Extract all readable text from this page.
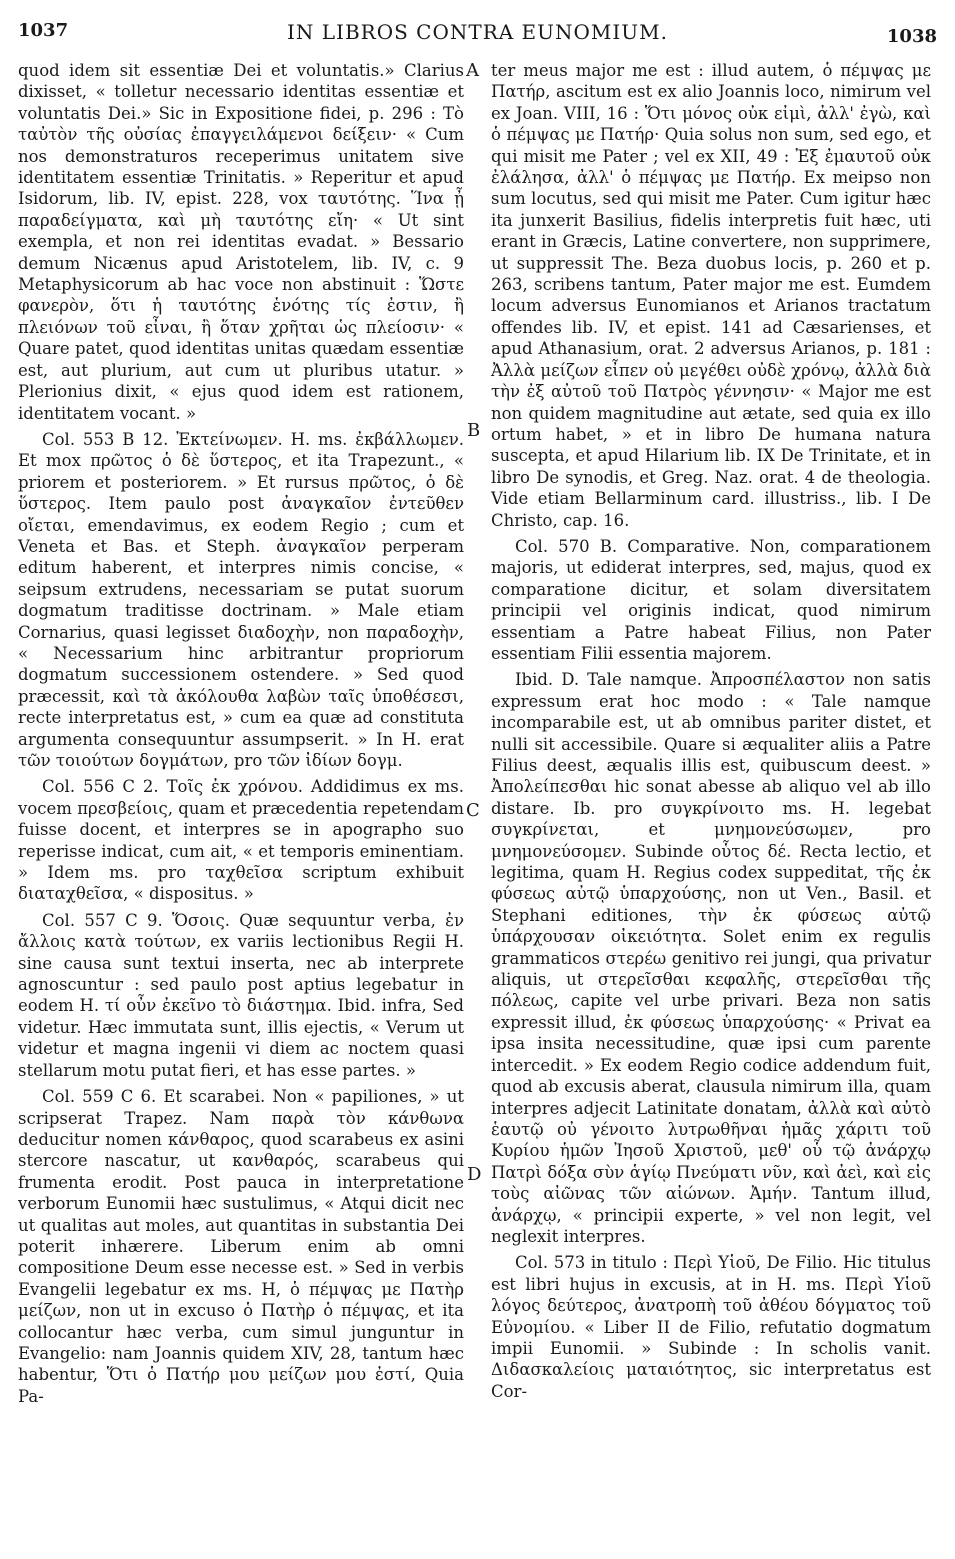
1037	IN LIBROS CONTRA EUNOMIUM.	1038

quod idem sit essentiæ Dei et voluntatis.» Clarius dixisset, « tolletur necessario identitas essentiæ et voluntatis Dei.» Sic in Expositione fidei, p. 296 : Τὸ ταὐτὸν τῆς οὐσίας ἐπαγγειλάμενοι δείξειν· « Cum nos demonstraturos receperimus unitatem sive identitatem essentiæ Trinitatis. » Reperitur et apud Isidorum, lib. IV, epist. 228, vox ταυτότης. Ἵνα ᾖ παραδείγματα, καὶ μὴ ταυτότης εἴη· « Ut sint exempla, et non rei identitas evadat. » Bessario demum Nicænus apud Aristotelem, lib. IV, c. 9 Metaphysicorum ab hac voce non abstinuit : Ὥστε φανερὸν, ὅτι ἡ ταυτότης ἑνότης τίς ἐστιν, ἢ πλειόνων τοῦ εἶναι, ἢ ὅταν χρῆται ὡς πλείοσιν· « Quare patet, quod identitas unitas quædam essentiæ est, aut plurium, aut cum ut pluribus utatur. » Plerionius dixit, « ejus quod idem est rationem, identitatem vocant. »

Col. 553 B 12. Ἐκτείνωμεν. H. ms. ἐκβάλλωμεν. Et mox πρῶτος ὁ δὲ ὕστερος, et ita Trapezunt., « priorem et posteriorem. » Et rursus πρῶτος, ὁ δὲ ὕστερος. Item paulo post ἀναγκαῖον ἐντεῦθεν οἴεται, emendavimus, ex eodem Regio ; cum et Veneta et Bas. et Steph. ἀναγκαῖον perperam editum haberent, et interpres nimis concise, « seipsum extrudens, necessariam se putat suorum dogmatum traditisse doctrinam. » Male etiam Cornarius, quasi legisset διαδοχὴν, non παραδοχὴν, « Necessarium hinc arbitrantur propriorum dogmatum successionem ostendere. » Sed quod præcessit, καὶ τὰ ἀκόλουθα λαβὼν ταῖς ὑποθέσεσι, recte interpretatus est, » cum ea quæ ad constituta argumenta consequuntur assumpserit. » In H. erat τῶν τοιούτων δογμάτων, pro τῶν ἰδίων δογμ.

Col. 556 C 2. Τοῖς ἐκ χρόνου. Addidimus ex ms. vocem πρεσβείοις, quam et præcedentia repetendam fuisse docent, et interpres se in apographo suo reperisse indicat, cum ait, « et temporis eminentiam. » Idem ms. pro ταχθεῖσα scriptum exhibuit διαταχθεῖσα, « dispositus. »

Col. 557 C 9. Ὅσοις. Quæ sequuntur verba, ἐν ἄλλοις κατὰ τούτων, ex variis lectionibus Regii H. sine causa sunt textui inserta, nec ab interprete agnoscuntur : sed paulo post aptius legebatur in eodem H. τί οὖν ἐκεῖνο τὸ διάστημα. Ibid. infra, Sed videtur. Hæc immutata sunt, illis ejectis, « Verum ut videtur et magna ingenii vi diem ac noctem quasi stellarum motu putat fieri, et has esse partes. »

Col. 559 C 6. Et scarabei. Non « papiliones, » ut scripserat Trapez. Nam παρὰ τὸν κάνθωνα deducitur nomen κάνθαρος, quod scarabeus ex asini stercore nascatur, ut κανθαρός, scarabeus qui frumenta erodit. Post pauca in interpretatione verborum Eunomii hæc sustulimus, « Atqui dicit nec ut qualitas aut moles, aut quantitas in substantia Dei poterit inhærere. Liberum enim ab omni compositione Deum esse necesse est. » Sed in verbis Evangelii legebatur ex ms. H, ὁ πέμψας με Πατὴρ μείζων, non ut in excuso ὁ Πατὴρ ὁ πέμψας, et ita collocantur hæc verba, cum simul junguntur in Evangelio: nam Joannis quidem XIV, 28, tantum hæc habentur, Ὅτι ὁ Πατήρ μου μείζων μου ἐστί, Quia Pa-

A
B
C
D

ter meus major me est : illud autem, ὁ πέμψας με Πατήρ, ascitum est ex alio Joannis loco, nimirum vel ex Joan. VIII, 16 : Ὅτι μόνος οὐκ εἰμὶ, ἀλλ' ἐγὼ, καὶ ὁ πέμψας με Πατήρ· Quia solus non sum, sed ego, et qui misit me Pater ; vel ex XII, 49 : Ἐξ ἐμαυτοῦ οὐκ ἐλάλησα, ἀλλ' ὁ πέμψας με Πατήρ. Ex meipso non sum locutus, sed qui misit me Pater. Cum igitur hæc ita junxerit Basilius, fidelis interpretis fuit hæc, uti erant in Græcis, Latine convertere, non supprimere, ut suppressit The. Beza duobus locis, p. 260 et p. 263, scribens tantum, Pater major me est. Eumdem locum adversus Eunomianos et Arianos tractatum offendes lib. IV, et epist. 141 ad Cæsarienses, et apud Athanasium, orat. 2 adversus Arianos, p. 181 : Ἀλλὰ μείζων εἶπεν οὐ μεγέθει οὐδὲ χρόνῳ, ἀλλὰ διὰ τὴν ἐξ αὐτοῦ τοῦ Πατρὸς γέννησιν· « Major me est non quidem magnitudine aut ætate, sed quia ex illo ortum habet, » et in libro De humana natura suscepta, et apud Hilarium lib. IX De Trinitate, et in libro De synodis, et Greg. Naz. orat. 4 de theologia. Vide etiam Bellarminum card. illustriss., lib. I De Christo, cap. 16.

Col. 570 B. Comparative. Non, comparationem majoris, ut ediderat interpres, sed, majus, quod ex comparatione dicitur, et solam diversitatem principii vel originis indicat, quod nimirum essentiam a Patre habeat Filius, non Pater essentiam Filii essentia majorem.

Ibid. D. Tale namque. Ἀπροσπέλαστον non satis expressum erat hoc modo : « Tale namque incomparabile est, ut ab omnibus pariter distet, et nulli sit accessibile. Quare si æqualiter aliis a Patre Filius deest, æqualis illis est, quibuscum deest. » Ἀπολείπεσθαι hic sonat abesse ab aliquo vel ab illo distare. Ib. pro συγκρίνοιτο ms. H. legebat συγκρίνεται, et μνημονεύσωμεν, pro μνημονεύσομεν. Subinde οὗτος δέ. Recta lectio, et legitima, quam H. Regius codex suppeditat, τῆς ἐκ φύσεως αὐτῷ ὑπαρχούσης, non ut Ven., Basil. et Stephani editiones, τὴν ἐκ φύσεως αὐτῷ ὑπάρχουσαν οἰκειότητα. Solet enim ex regulis grammaticos στερέω genitivo rei jungi, qua privatur aliquis, ut στερεῖσθαι κεφαλῆς, στερεῖσθαι τῆς πόλεως, capite vel urbe privari. Beza non satis expressit illud, ἐκ φύσεως ὑπαρχούσης· « Privat ea ipsa insita necessitudine, quæ ipsi cum parente intercedit. » Ex eodem Regio codice addendum fuit, quod ab excusis aberat, clausula nimirum illa, quam interpres adjecit Latinitate donatam, ἀλλὰ καὶ αὐτὸ ἑαυτῷ οὐ γένοιτο λυτρωθῆναι ἡμᾶς χάριτι τοῦ Κυρίου ἡμῶν Ἰησοῦ Χριστοῦ, μεθ' οὗ τῷ ἀνάρχῳ Πατρὶ δόξα σὺν ἁγίῳ Πνεύματι νῦν, καὶ ἀεὶ, καὶ εἰς τοὺς αἰῶνας τῶν αἰώνων. Ἀμήν. Tantum illud, ἀνάρχῳ, « principii experte, » vel non legit, vel neglexit interpres.

Col. 573 in titulo : Περὶ Υἱοῦ, De Filio. Hic titulus est libri hujus in excusis, at in H. ms. Περὶ Υἱοῦ λόγος δεύτερος, ἀνατροπὴ τοῦ ἀθέου δόγματος τοῦ Εὐνομίου. « Liber II de Filio, refutatio dogmatum impii Eunomii. » Subinde : In scholis vanit. Διδασκαλείοις ματαιότητος, sic interpretatus est Cor-
